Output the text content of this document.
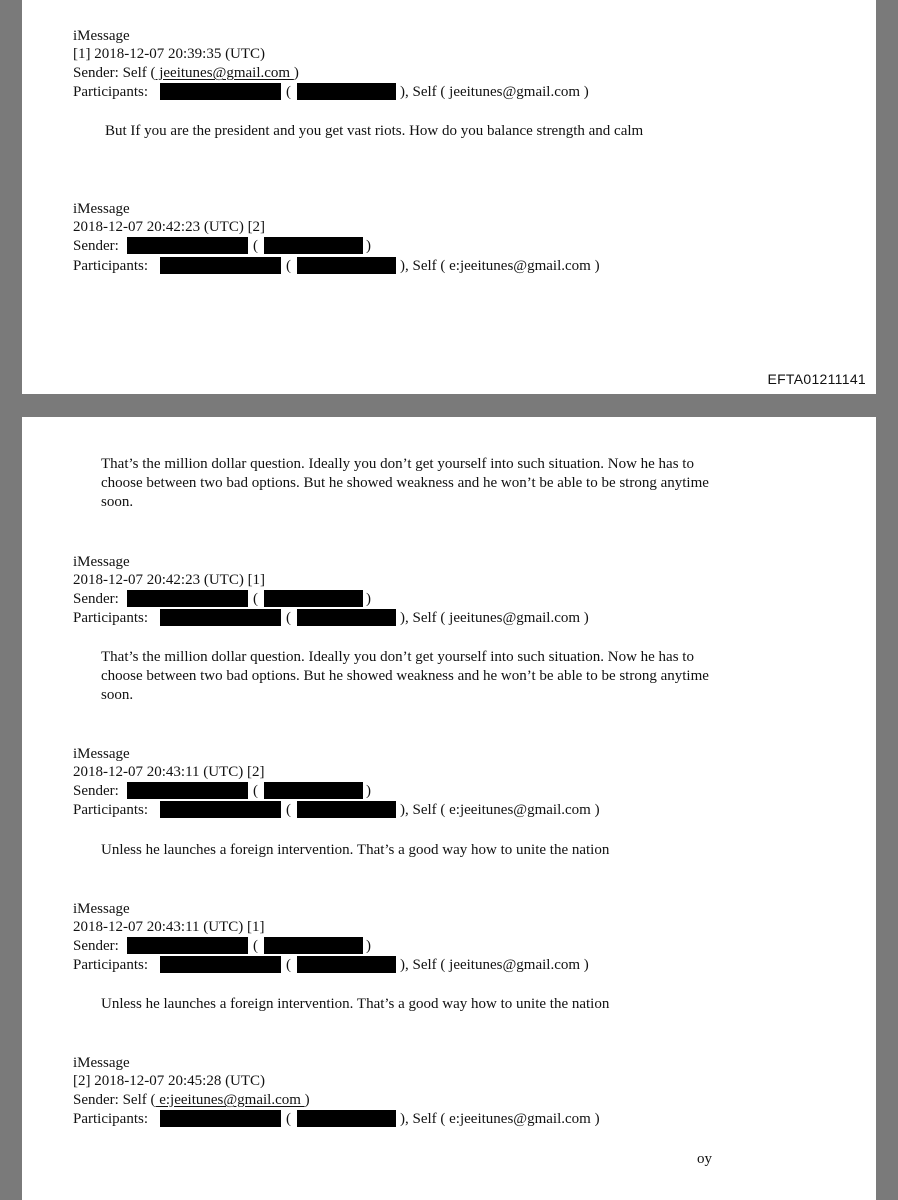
iMessage
[1] 2018-12-07 20:39:35 (UTC)
Sender: Self ( jeeitunes@gmail.com )
Participants:	(	), Self ( jeeitunes@gmail.com )
But If you are the president and you get vast riots. How do you balance strength and calm
iMessage
2018-12-07 20:42:23 (UTC) [2]
Sender:	(	)
Participants:	(	), Self ( e:jeeitunes@gmail.com )
EFTA01211141
That’s the million dollar question. Ideally you don’t get yourself into such situation. Now he has to choose between two bad options. But he showed weakness and he won’t be able to be strong anytime soon.
iMessage
2018-12-07 20:42:23 (UTC) [1]
Sender:	(	)
Participants:	(	), Self ( jeeitunes@gmail.com )
That’s the million dollar question. Ideally you don’t get yourself into such situation. Now he has to choose between two bad options. But he showed weakness and he won’t be able to be strong anytime soon.
iMessage
2018-12-07 20:43:11 (UTC) [2]
Sender:	(	)
Participants:	(	), Self ( e:jeeitunes@gmail.com )
Unless he launches a foreign intervention. That’s a good way how to unite the nation
iMessage
2018-12-07 20:43:11 (UTC) [1]
Sender:	(	)
Participants:	(	), Self ( jeeitunes@gmail.com )
Unless he launches a foreign intervention. That’s a good way how to unite the nation
iMessage
[2] 2018-12-07 20:45:28 (UTC)
Sender: Self ( e:jeeitunes@gmail.com )
Participants:	(	), Self ( e:jeeitunes@gmail.com )
oy
